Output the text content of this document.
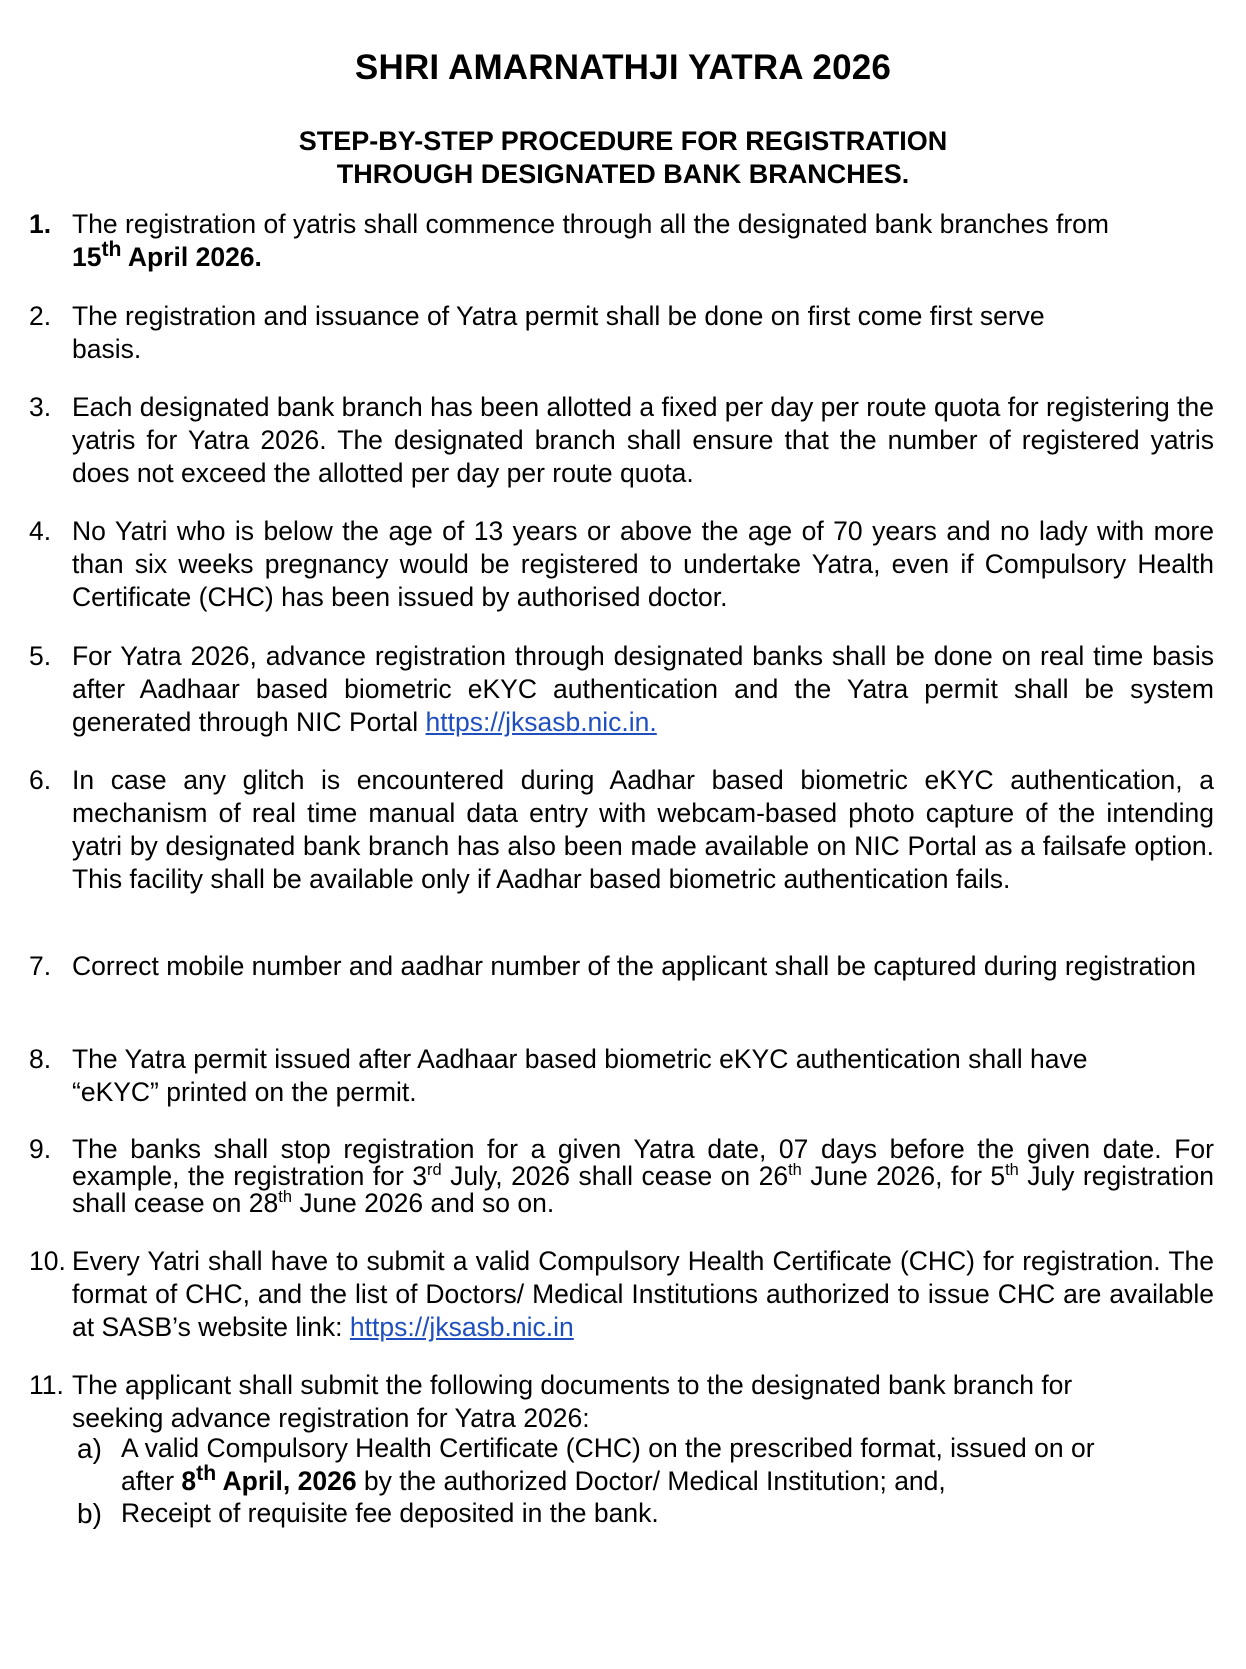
SHRI AMARNATHJI YATRA 2026
STEP-BY-STEP PROCEDURE FOR REGISTRATION
THROUGH DESIGNATED BANK BRANCHES.
1. The registration of yatris shall commence through all the designated bank branches from
15th April 2026.
2. The registration and issuance of Yatra permit shall be done on first come first serve basis.
3. Each designated bank branch has been allotted a fixed per day per route quota for registering the yatris for Yatra 2026. The designated branch shall ensure that the number of registered yatris does not exceed the allotted per day per route quota.
4. No Yatri who is below the age of 13 years or above the age of 70 years and no lady with more than six weeks pregnancy would be registered to undertake Yatra, even if Compulsory Health Certificate (CHC) has been issued by authorised doctor.
5. For Yatra 2026, advance registration through designated banks shall be done on real time basis after Aadhaar based biometric eKYC authentication and the Yatra permit shall be system generated through NIC Portal https://jksasb.nic.in.
6. In case any glitch is encountered during Aadhar based biometric eKYC authentication, a mechanism of real time manual data entry with webcam-based photo capture of the intending yatri by designated bank branch has also been made available on NIC Portal as a failsafe option. This facility shall be available only if Aadhar based biometric authentication fails.
7. Correct mobile number and aadhar number of the applicant shall be captured during registration
8. The Yatra permit issued after Aadhaar based biometric eKYC authentication shall have “eKYC” printed on the permit.
9. The banks shall stop registration for a given Yatra date, 07 days before the given date. For example, the registration for 3rd July, 2026 shall cease on 26th June 2026, for 5th July registration shall cease on 28th June 2026 and so on.
10. Every Yatri shall have to submit a valid Compulsory Health Certificate (CHC) for registration. The format of CHC, and the list of Doctors/ Medical Institutions authorized to issue CHC are available at SASB’s website link: https://jksasb.nic.in
11. The applicant shall submit the following documents to the designated bank branch for seeking advance registration for Yatra 2026:
a) A valid Compulsory Health Certificate (CHC) on the prescribed format, issued on or after 8th April, 2026 by the authorized Doctor/ Medical Institution; and,
b) Receipt of requisite fee deposited in the bank.
